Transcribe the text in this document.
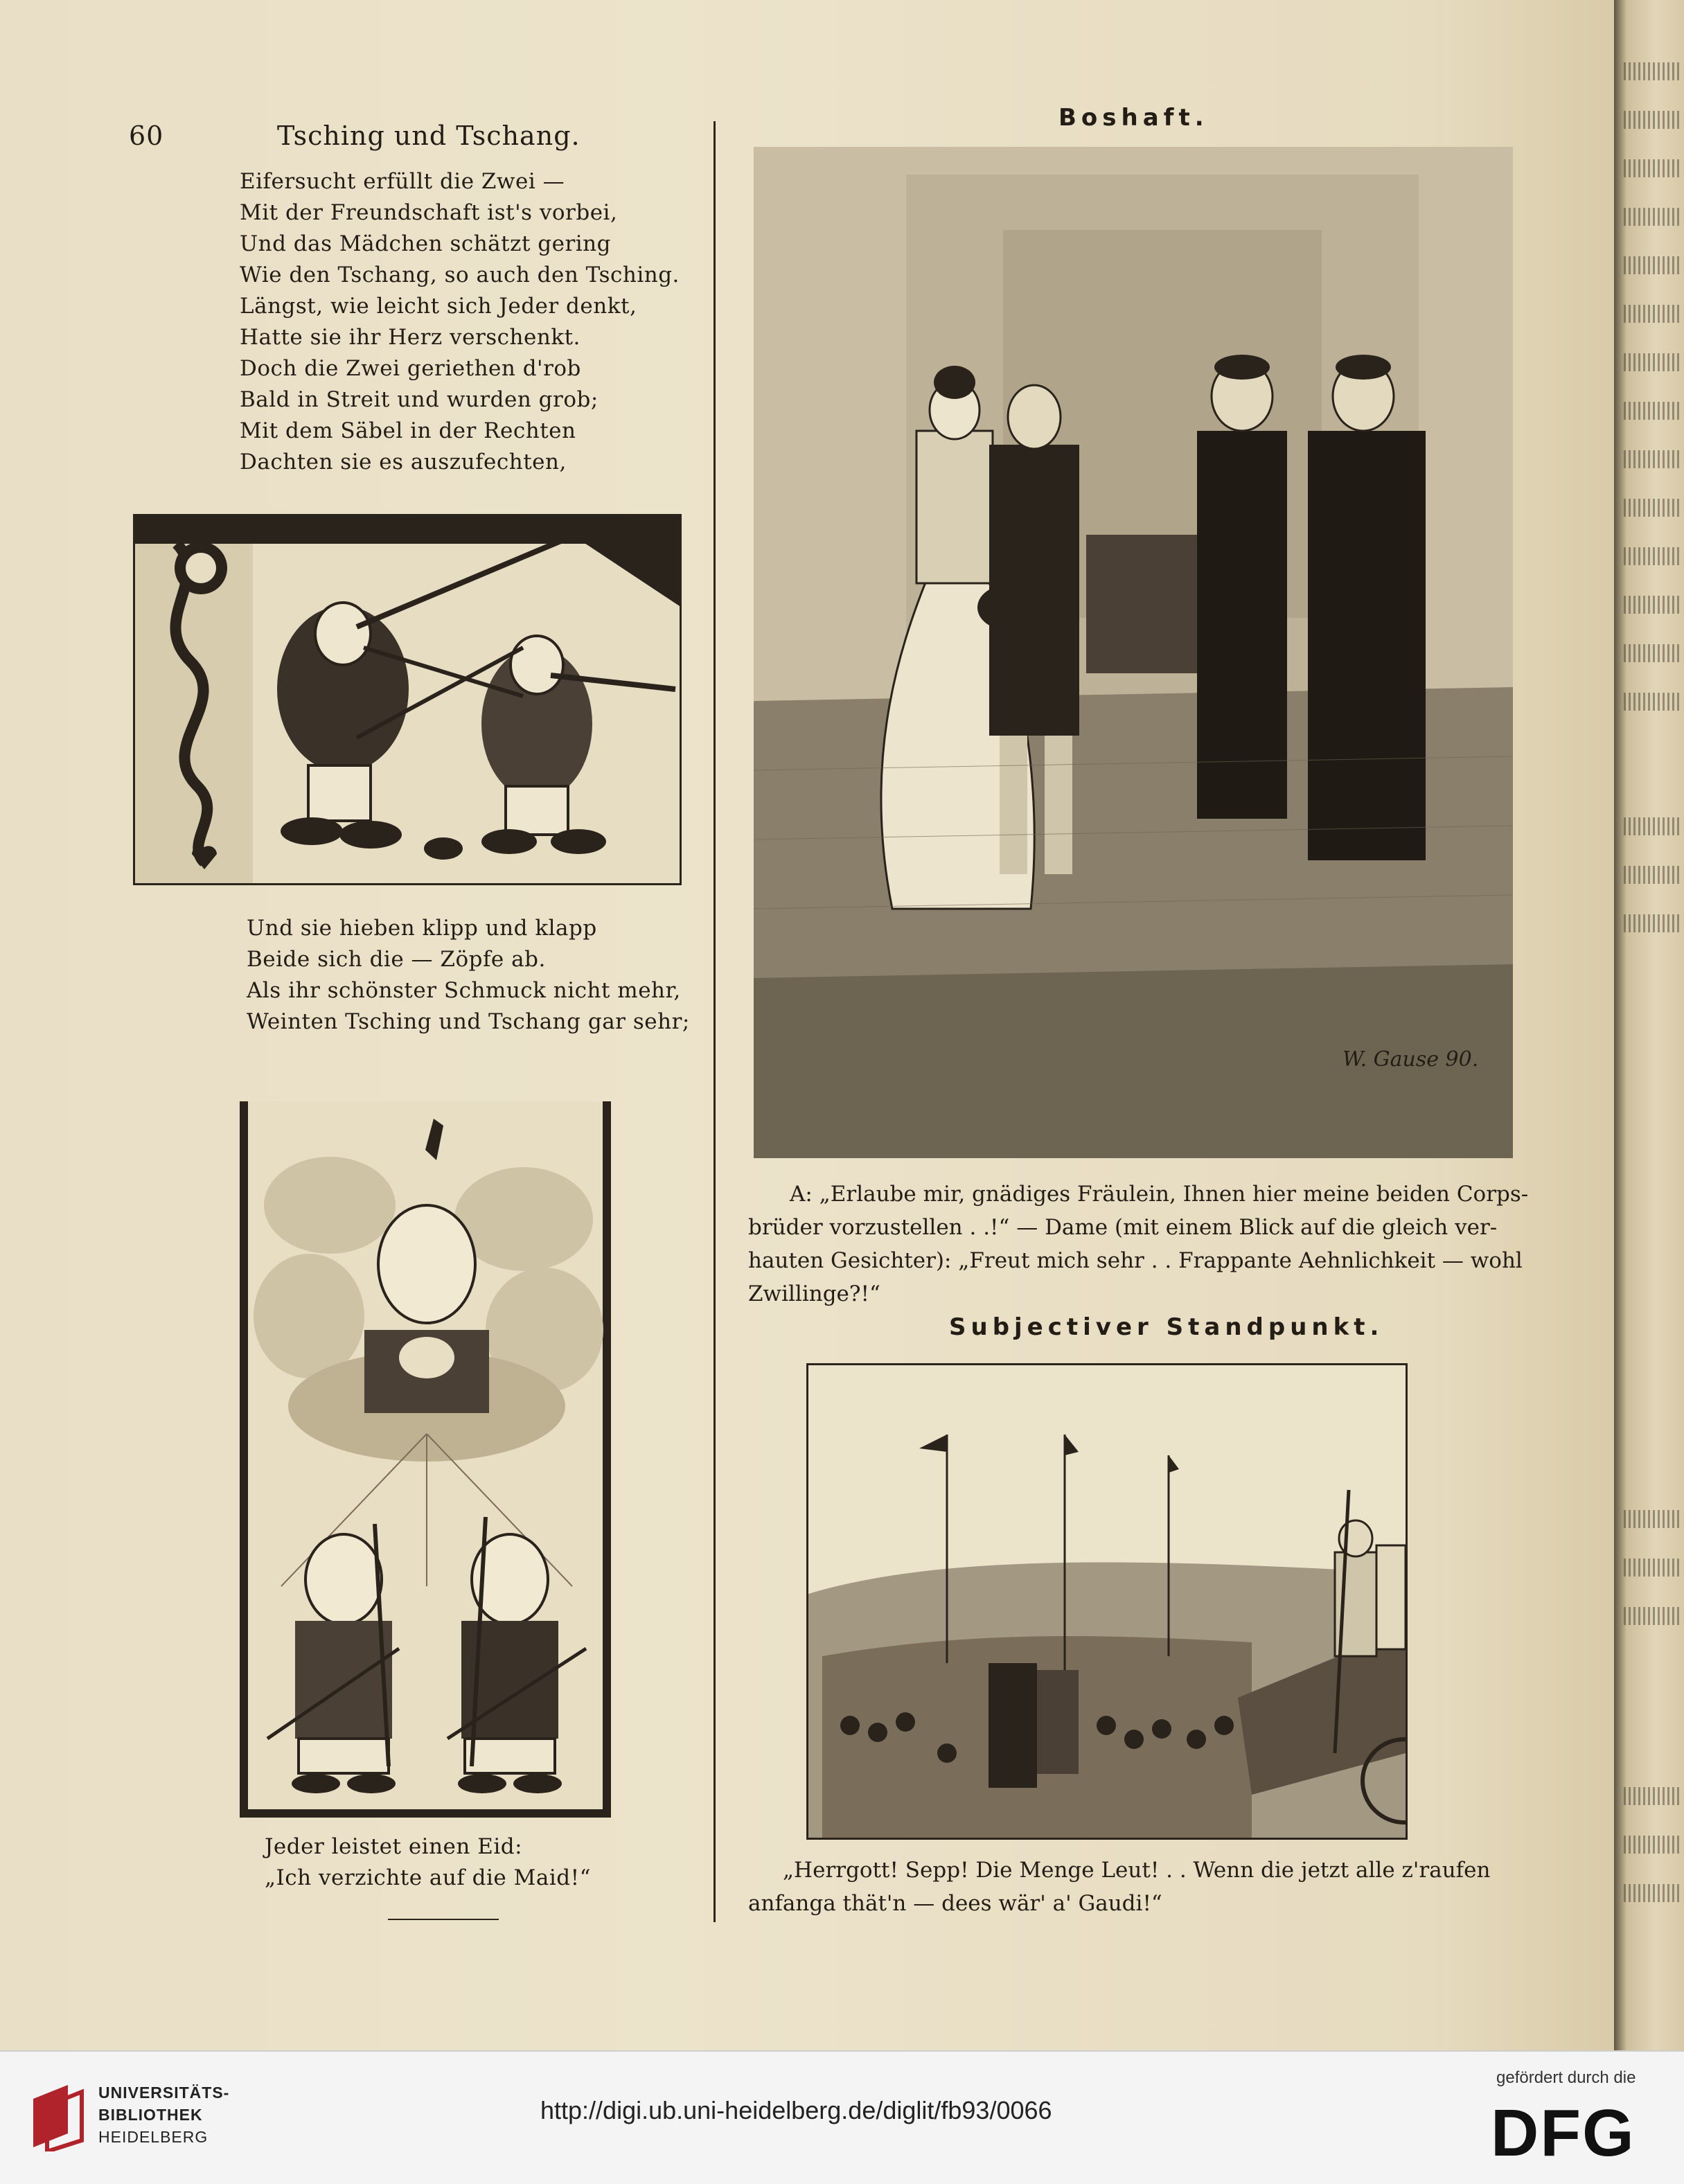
60	Tsching und Tschang.
Eifersucht erfüllt die Zwei —
Mit der Freundschaft ist's vorbei,
Und das Mädchen schätzt gering
Wie den Tschang, so auch den Tsching.
Längst, wie leicht sich Jeder denkt,
Hatte sie ihr Herz verschenkt.
Doch die Zwei geriethen d'rob
Bald in Streit und wurden grob;
Mit dem Säbel in der Rechten
Dachten sie es auszufechten,
Und sie hieben klipp und klapp
Beide sich die — Zöpfe ab.
Als ihr schönster Schmuck nicht mehr,
Weinten Tsching und Tschang gar sehr;
Meisenbach
Jeder leistet einen Eid:
„Ich verzichte auf die Maid!“
Boshaft.
W. Gause 90.
A: „Erlaube mir, gnädiges Fräulein, Ihnen hier meine beiden Corps-
brüder vorzustellen . .!“ — Dame (mit einem Blick auf die gleich ver-
hauten Gesichter): „Freut mich sehr . . Frappante Aehnlichkeit — wohl
Zwillinge?!“
Subjectiver Standpunkt.
„Herrgott! Sepp! Die Menge Leut! . . Wenn die jetzt alle z'raufen
anfanga thät'n — dees wär' a' Gaudi!“
UNIVERSITÄTS-
BIBLIOTHEK
HEIDELBERG
http://digi.ub.uni-heidelberg.de/diglit/fb93/0066
gefördert durch die
DFG
